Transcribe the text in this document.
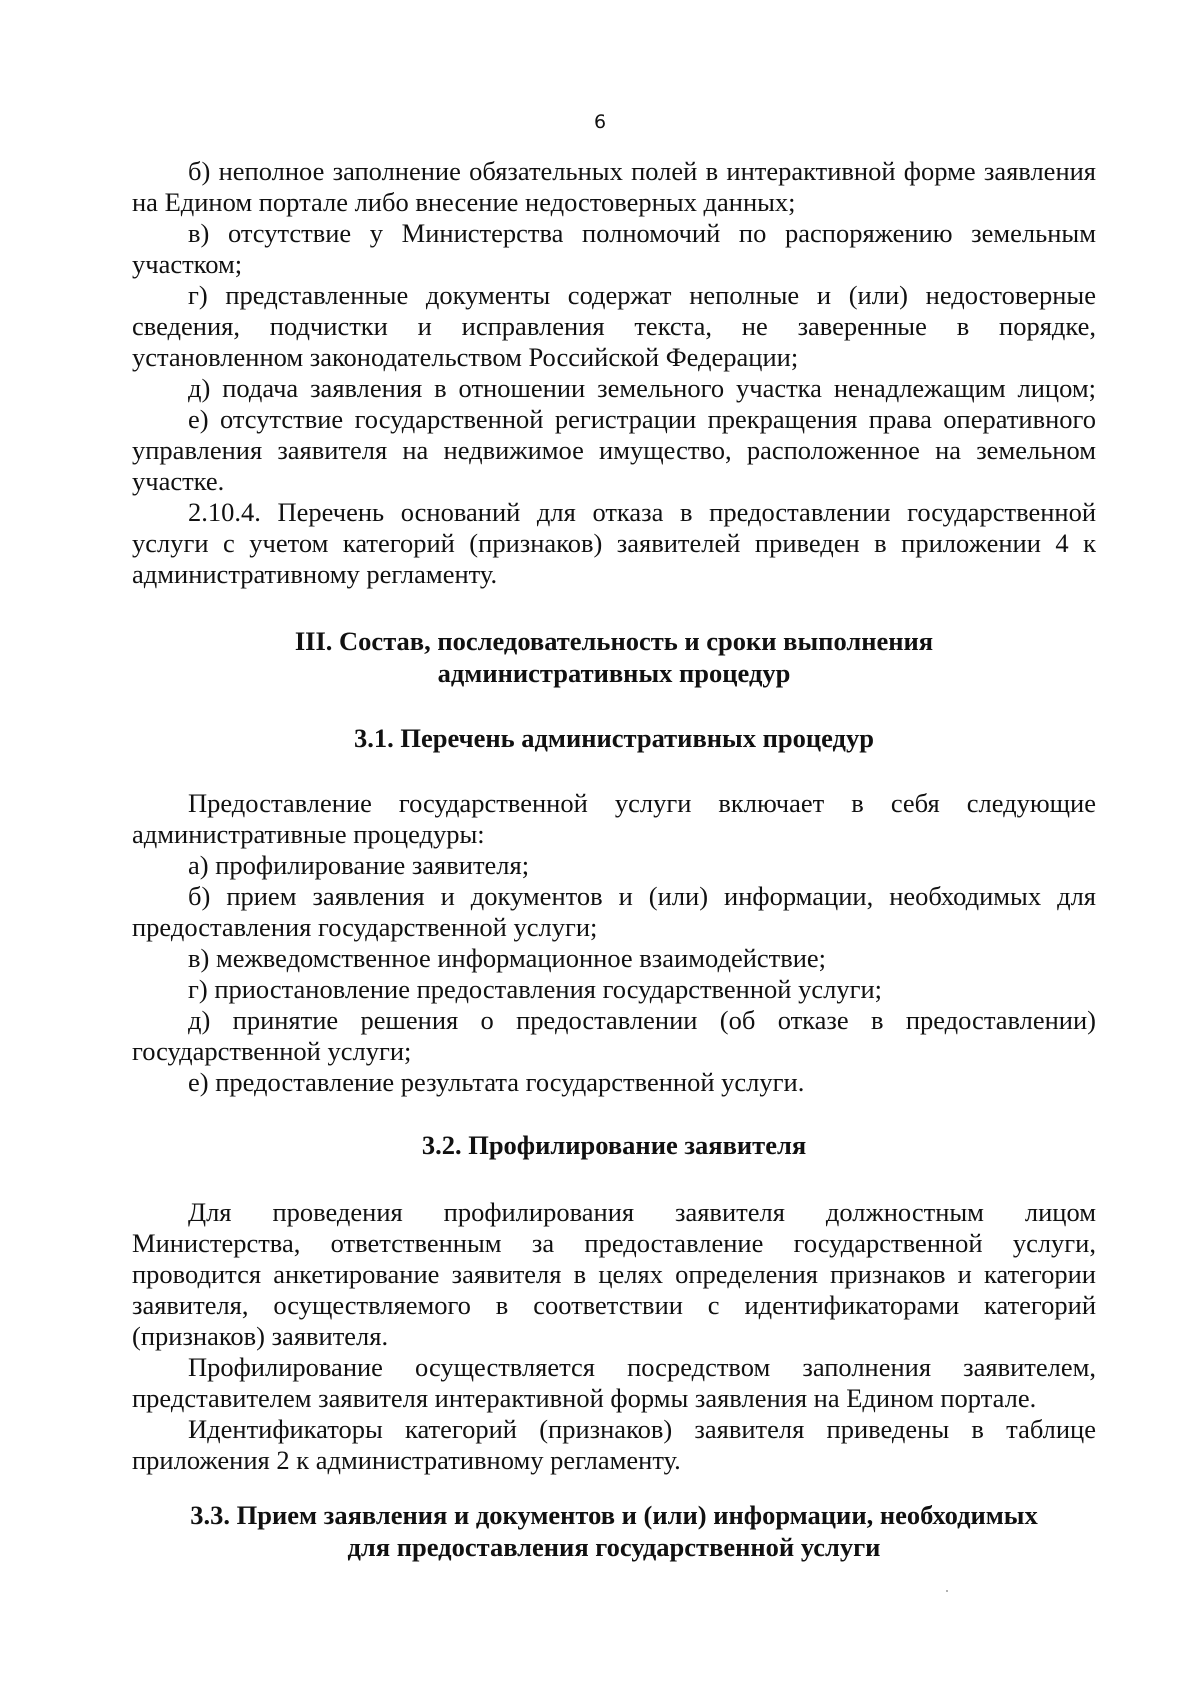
6
б) неполное заполнение обязательных полей в интерактивной форме заявления
на Едином портале либо внесение недостоверных данных;
в) отсутствие у Министерства полномочий по распоряжению земельным
участком;
г) представленные документы содержат неполные и (или) недостоверные
сведения, подчистки и исправления текста, не заверенные в порядке,
установленном законодательством Российской Федерации;
д) подача заявления в отношении земельного участка ненадлежащим лицом;
е) отсутствие государственной регистрации прекращения права оперативного
управления заявителя на недвижимое имущество, расположенное на земельном
участке.
2.10.4. Перечень оснований для отказа в предоставлении государственной
услуги с учетом категорий (признаков) заявителей приведен в приложении 4 к
административному регламенту.
III. Состав, последовательность и сроки выполнения
административных процедур
3.1. Перечень административных процедур
Предоставление государственной услуги включает в себя следующие
административные процедуры:
а) профилирование заявителя;
б) прием заявления и документов и (или) информации, необходимых для
предоставления государственной услуги;
в) межведомственное информационное взаимодействие;
г) приостановление предоставления государственной услуги;
д) принятие решения о предоставлении (об отказе в предоставлении)
государственной услуги;
е) предоставление результата государственной услуги.
3.2. Профилирование заявителя
Для проведения профилирования заявителя должностным лицом
Министерства, ответственным за предоставление государственной услуги,
проводится анкетирование заявителя в целях определения признаков и категории
заявителя, осуществляемого в соответствии с идентификаторами категорий
(признаков) заявителя.
Профилирование осуществляется посредством заполнения заявителем,
представителем заявителя интерактивной формы заявления на Едином портале.
Идентификаторы категорий (признаков) заявителя приведены в таблице
приложения 2 к административному регламенту.
3.3. Прием заявления и документов и (или) информации, необходимых
для предоставления государственной услуги
